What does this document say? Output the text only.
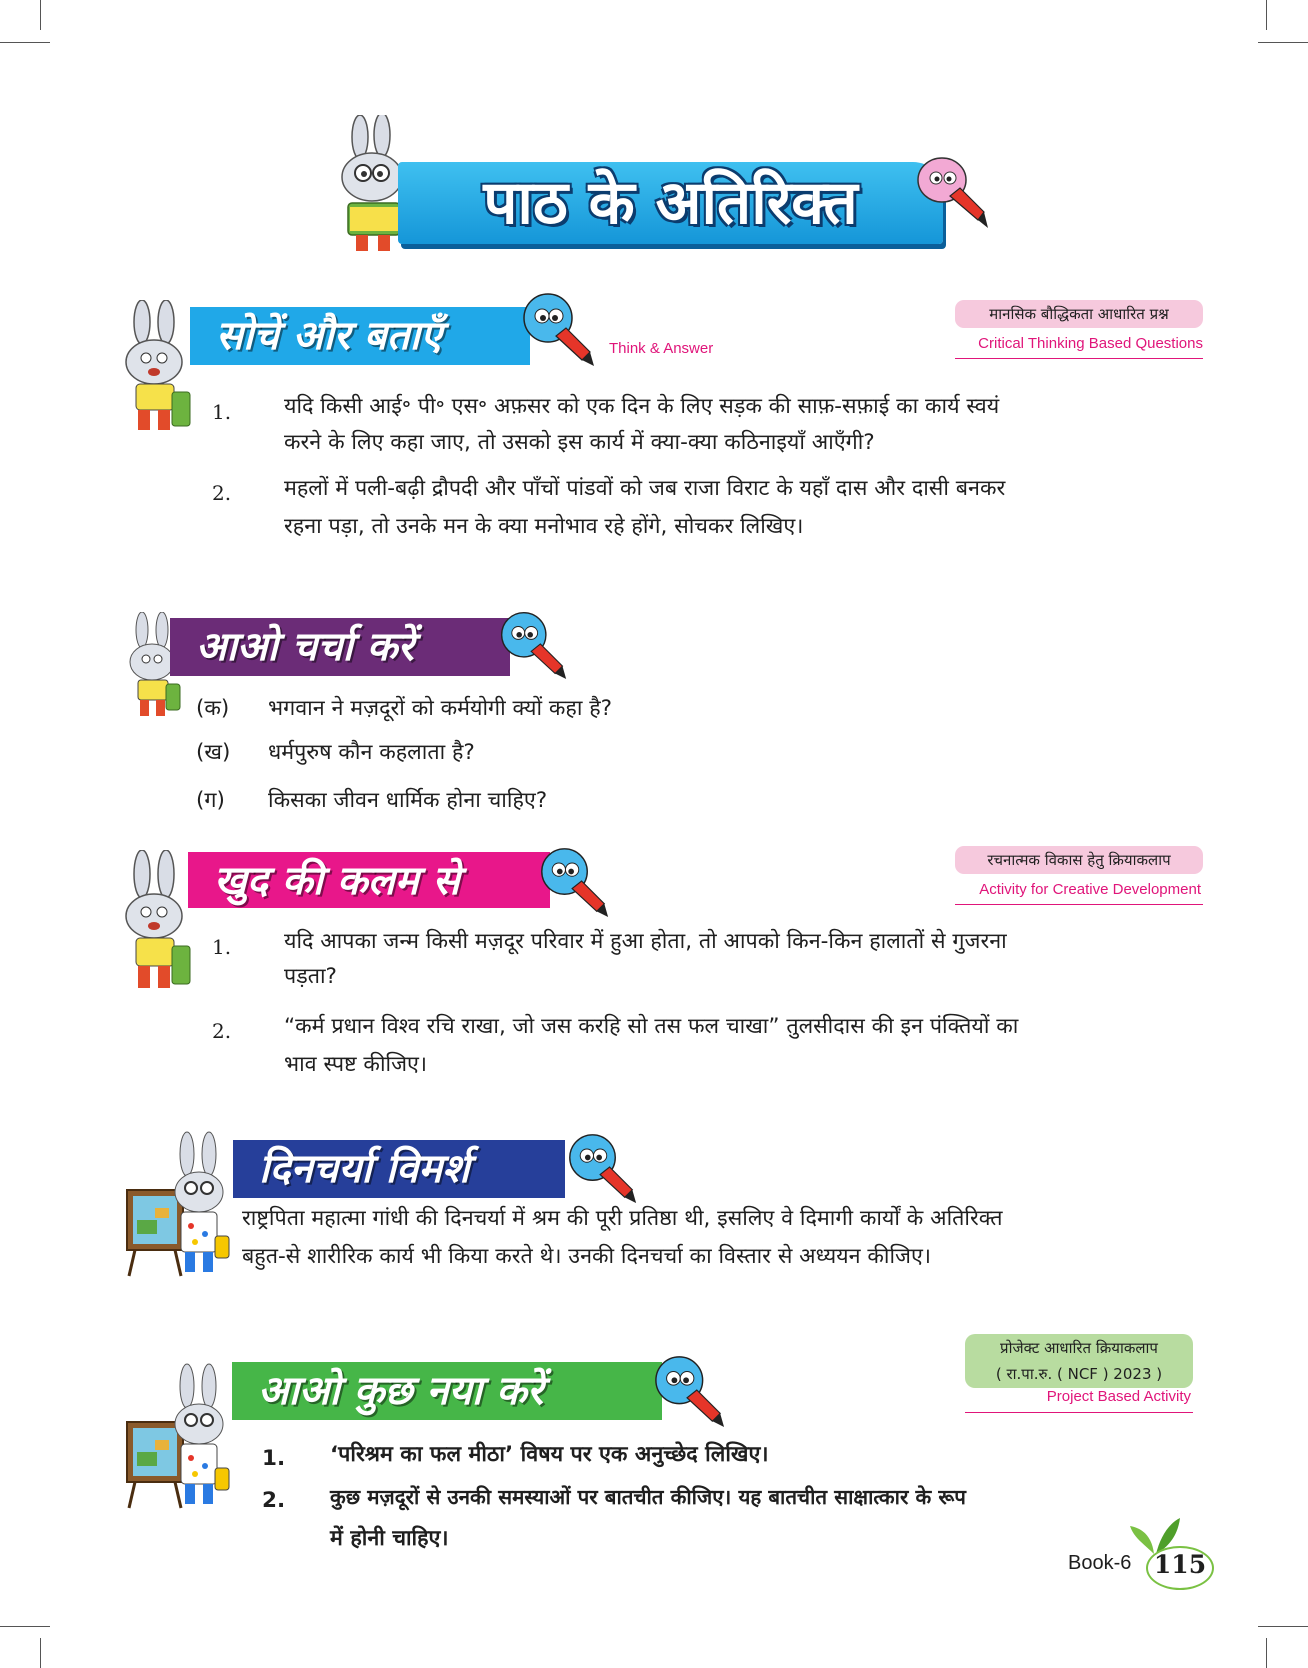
पाठ के अतिरिक्त
सोचें और बताएँ	Think & Answer
मानसिक बौद्धिकता आधारित प्रश्न
Critical Thinking Based Questions
1. यदि किसी आई॰ पी॰ एस॰ अफ़सर को एक दिन के लिए सड़क की साफ़-सफ़ाई का कार्य स्वयं
करने के लिए कहा जाए, तो उसको इस कार्य में क्या-क्या कठिनाइयाँ आएँगी?
2. महलों में पली-बढ़ी द्रौपदी और पाँचों पांडवों को जब राजा विराट के यहाँ दास और दासी बनकर
रहना पड़ा, तो उनके मन के क्या मनोभाव रहे होंगे, सोचकर लिखिए।
आओ चर्चा करें
(क) भगवान ने मज़दूरों को कर्मयोगी क्यों कहा है?
(ख) धर्मपुरुष कौन कहलाता है?
(ग) किसका जीवन धार्मिक होना चाहिए?
खुद की कलम से	रचनात्मक विकास हेतु क्रियाकलाप
Activity for Creative Development
1. यदि आपका जन्म किसी मज़दूर परिवार में हुआ होता, तो आपको किन-किन हालातों से गुजरना
पड़ता?
2. “कर्म प्रधान विश्व रचि राखा, जो जस करहि सो तस फल चाखा” तुलसीदास की इन पंक्तियों का
भाव स्पष्ट कीजिए।
दिनचर्या विमर्श
राष्ट्रपिता महात्मा गांधी की दिनचर्या में श्रम की पूरी प्रतिष्ठा थी, इसलिए वे दिमागी कार्यों के अतिरिक्त
बहुत-से शारीरिक कार्य भी किया करते थे। उनकी दिनचर्चा का विस्तार से अध्ययन कीजिए।
आओ कुछ नया करें
प्रोजेक्ट आधारित क्रियाकलाप
( रा.पा.रु. ( NCF ) 2023 )
Project Based Activity
1. ‘परिश्रम का फल मीठा’ विषय पर एक अनुच्छेद लिखिए।
2. कुछ मज़दूरों से उनकी समस्याओं पर बातचीत कीजिए। यह बातचीत साक्षात्कार के रूप
में होनी चाहिए।
Book-6 115
